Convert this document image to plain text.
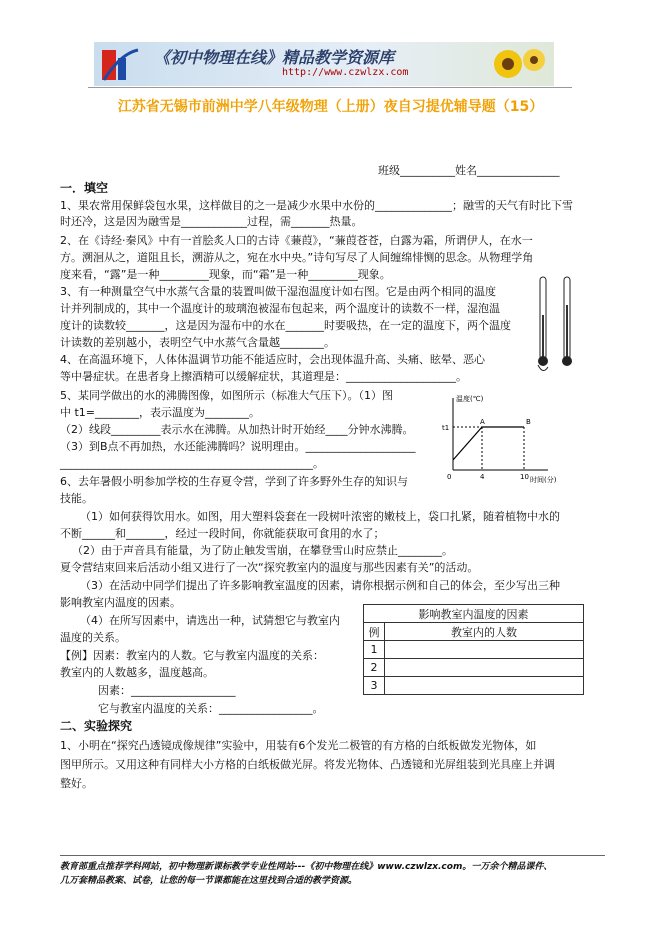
《初中物理在线》精品教学资源库
http://www.czwlzx.com
江苏省无锡市前洲中学八年级物理（上册）夜自习提优辅导题（15）
班级__________姓名_______________
一．填空
1、果农常用保鲜袋包水果，这样做目的之一是减少水果中水份的______________；融雪的天气有时比下雪
时还冷，这是因为融雪是____________过程，需_______热量。
2、在《诗经·秦风》中有一首脍炙人口的古诗《蒹葭》，“蒹葭苍苍，白露为霜，所谓伊人，在水一
方。溯洄从之，道阻且长，溯游从之，宛在水中央。”诗句写尽了人间缠绵悱恻的思念。从物理学角
度来看，“露”是一种_________现象，而“霜”是一种_________现象。
3、有一种测量空气中水蒸气含量的装置叫做干湿泡温度计如右图。它是由两个相同的温度
计并列制成的，其中一个温度计的玻璃泡被湿布包起来，两个温度计的读数不一样，湿泡温
度计的读数较_______，这是因为湿布中的水在_______时要吸热，在一定的温度下，两个温度
计读数的差别越小，表明空气中水蒸气含量越________。
4、在高温环境下，人体体温调节功能不能适应时，会出现体温升高、头痛、眩晕、恶心
等中暑症状。在患者身上擦酒精可以缓解症状，其道理是：____________________。
5、某同学做出的水的沸腾图像，如图所示（标准大气压下）。（1）图
中 t1=________，表示温度为________。
（2）线段_________表示水在沸腾。从加热计时开始经____分钟水沸腾。
（3）到B点不再加热，水还能沸腾吗？说明理由。____________________
______________________________________________。
6、去年暑假小明参加学校的生存夏令营，学到了许多野外生存的知识与
技能。
（1）如何获得饮用水。如图，用大塑料袋套在一段树叶浓密的嫩枝上，袋口扎紧，随着植物中水的
不断______和_______，经过一段时间，你就能获取可食用的水了；
（2）由于声音具有能量，为了防止触发雪崩，在攀登雪山时应禁止________。
夏令营结束回来后活动小组又进行了一次“探究教室内的温度与那些因素有关”的活动。
（3）在活动中同学们提出了许多影响教室温度的因素，请你根据示例和自己的体会，至少写出三种
影响教室内温度的因素。
（4）在所写因素中，请选出一种，试猜想它与教室内
温度的关系。
【例】因素：教室内的人数。它与教室内温度的关系：
教室内的人数越多，温度越高。
因素：___________________
它与教室内温度的关系：_________________。
二、实验探究
1、小明在“探究凸透镜成像规律”实验中，用装有6个发光二极管的有方格的白纸板做发光物体，如
图甲所示。又用这种有同样大小方格的白纸板做光屏。将发光物体、凸透镜和光屏组装到光具座上并调
整好。
温度(℃)
t1
0	4	10 时间(分)
A	B
影响教室内温度的因素	
例	教室内的人数
1	
2	
3	
教育部重点推荐学科网站，初中物理新课标教学专业性网站---《初中物理在线》www.czwlzx.com。一万余个精品课件、
几万套精品教案、试卷，让您的每一节课都能在这里找到合适的教学资源。
